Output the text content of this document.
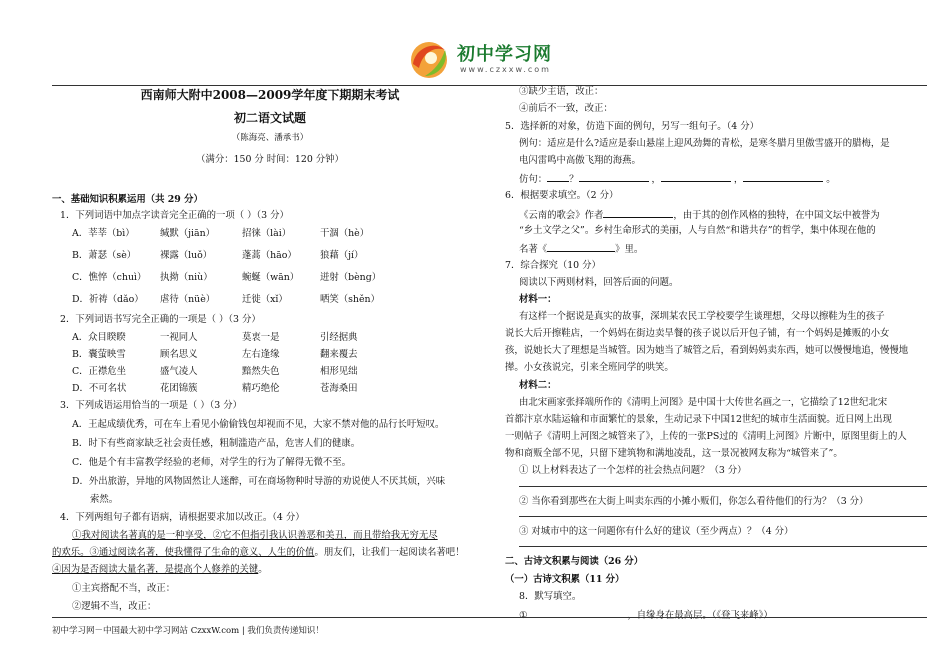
初中学习网
www.czxxw.com
西南师大附中2008—2009学年度下期期末考试
初二语文试题
（陈海亮、潘承书）
（满分：150 分 时间：120 分钟）
一、基础知识积累运用（共 29 分）
1．下列词语中加点字读音完全正确的一项（ ）（3 分）
A．莘莘（bì）	缄默（jiān）	招徕（lài）	干涸（hè）
B．萧瑟（sè）	裸露（luǒ）	蓬蒿（hāo） 狼藉（jí）
C．憔悴（chuì） 执拗（niù）	蜿蜒（wān） 迸射（bèng）
D．祈祷（dǎo） 虐待（nüè）	迁徙（xǐ）	哂笑（shěn）
2．下列词语书写完全正确的一项是（ ）（3 分）
A．众目睽睽	一视同人	莫衷一是	引经据典
B．囊萤映雪	顾名思义	左右逢缘	翻来覆去
C．正襟危坐	盛气凌人	黯然失色	相形见绌
D．不可名状	花团锦簇	精巧绝伦	苍海桑田
3．下列成语运用恰当的一项是（ ）（3 分）
A．王起成绩优秀，可在车上看见小偷偷钱包却视而不见，大家不禁对他的品行长吁短叹。
B．时下有些商家缺乏社会责任感，粗制滥造产品，危害人们的健康。
C．他是个有丰富教学经验的老师，对学生的行为了解得无微不至。
D．外出旅游，异地的风物固然让人迷醉，可在商场物种时导游的劝说使人不厌其烦，兴味
索然。
4．下列两组句子都有语病，请根据要求加以改正。（4 分）
①我对阅读名著真的是一种享受，②它不但指引我认识善恶和美丑，而且带给我无穷无尽
的欢乐。③通过阅读名著，使我懂得了生命的意义、人生的价值。朋友们，让我们一起阅读名著吧！
④因为是否阅读大量名著，是提高个人修养的关键。
①主宾搭配不当，改正：
②逻辑不当，改正：
③缺少主语，改正：
④前后不一致，改正：
5．选择新的对象，仿造下面的例句，另写一组句子。（4 分）
例句：适应是什么?适应是泰山悬崖上迎风劲舞的青松，是寒冬腊月里傲雪盛开的腊梅，是
电闪雷鸣中高傲飞翔的海燕。
仿句： ？	，	，	。
6．根据要求填空。（2 分）
《云南的歌会》作者	，由于其的创作风格的独特，在中国文坛中被誉为
“乡土文学之父”。乡村生命形式的美丽，人与自然“和谐共存”的哲学，集中体现在他的
名著《	》里。
7．综合探究（10 分）
阅读以下两则材料，回答后面的问题。
材料一：
有这样一个据说是真实的故事，深圳某农民工学校要学生谈理想，父母以擦鞋为生的孩子
说长大后开擦鞋店，一个妈妈在街边卖旱餐的孩子说以后开包子铺，有一个妈妈是摊贩的小女
孩，说她长大了理想是当城管。因为她当了城管之后，看到妈妈卖东西，她可以慢慢地追，慢慢地
撵。小女孩说完，引来全班同学的哄笑。
材料二：
由北宋画家张择端所作的《清明上河图》是中国十大传世名画之一，它描绘了12世纪北宋
首都汴京水陆运输和市面繁忙的景象，生动记录下中国12世纪的城市生活面貌。近日网上出现
一则帖子《清明上河图之城管来了》，上传的一张PS过的《清明上河图》片断中，原图里街上的人
物和商贩全部不见，只留下建筑物和满地凌乱，这一景况被网友称为“城管来了”。
① 以上材料表达了一个怎样的社会热点问题？（3 分）
② 当你看到那些在大街上叫卖东西的小摊小贩们，你怎么看待他们的行为？（3 分）
③ 对城市中的这一问题你有什么好的建议（至少两点）？（4 分）
二、古诗文积累与阅读（26 分）
（一）古诗文积累（11 分）
8．默写填空。
①	，自缘身在最高层。（《登飞来峰》）
初中学习网－中国最大初中学习网站 CzxxW.com | 我们负责传递知识！
